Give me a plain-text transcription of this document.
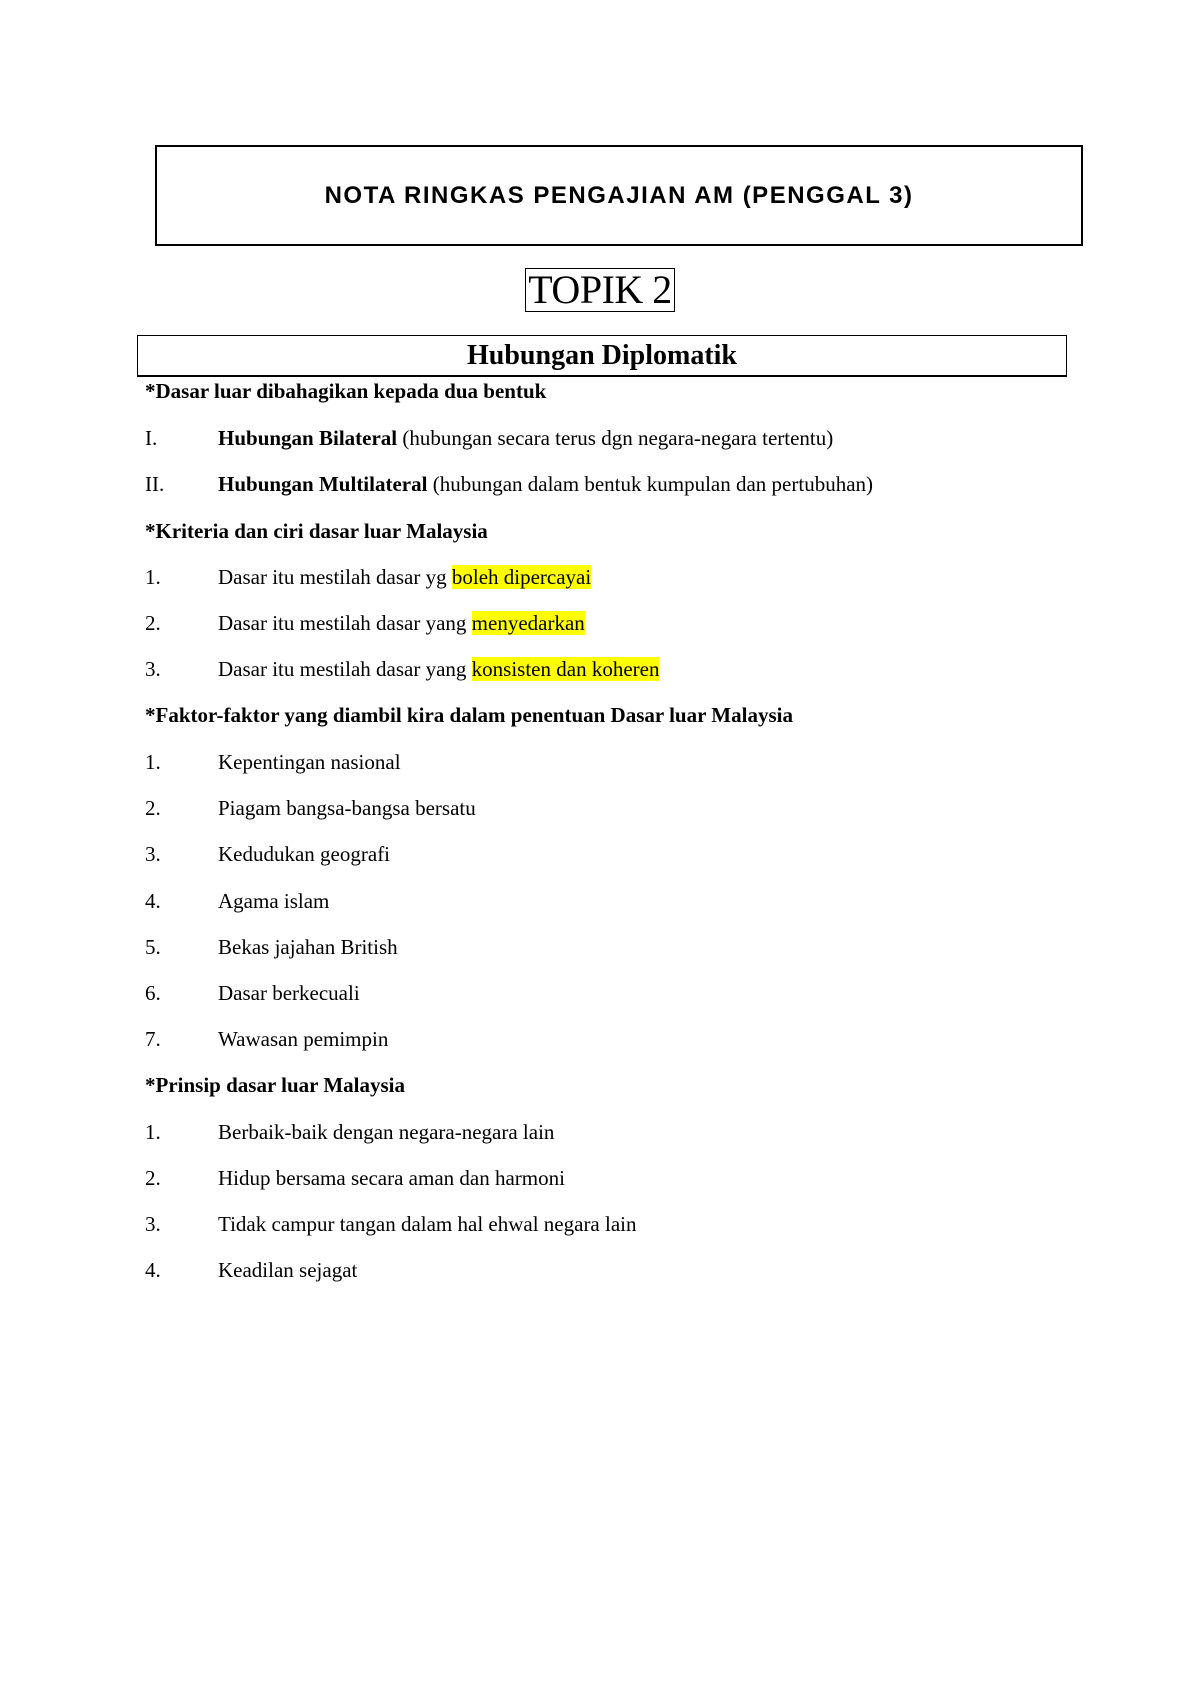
NOTA RINGKAS PENGAJIAN AM (PENGGAL 3)
TOPIK 2
Hubungan Diplomatik
*Dasar luar dibahagikan kepada dua bentuk
I.	Hubungan Bilateral (hubungan secara terus dgn negara-negara tertentu)
II.	Hubungan Multilateral (hubungan dalam bentuk kumpulan dan pertubuhan)
*Kriteria dan ciri dasar luar Malaysia
1.	Dasar itu mestilah dasar yg boleh dipercayai
2.	Dasar itu mestilah dasar yang menyedarkan
3.	Dasar itu mestilah dasar yang konsisten dan koheren
*Faktor-faktor yang diambil kira dalam penentuan Dasar luar Malaysia
1.	Kepentingan nasional
2.	Piagam bangsa-bangsa bersatu
3.	Kedudukan geografi
4.	Agama islam
5.	Bekas jajahan British
6.	Dasar berkecuali
7.	Wawasan pemimpin
*Prinsip dasar luar Malaysia
1.	Berbaik-baik dengan negara-negara lain
2.	Hidup bersama secara aman dan harmoni
3.	Tidak campur tangan dalam hal ehwal negara lain
4.	Keadilan sejagat
